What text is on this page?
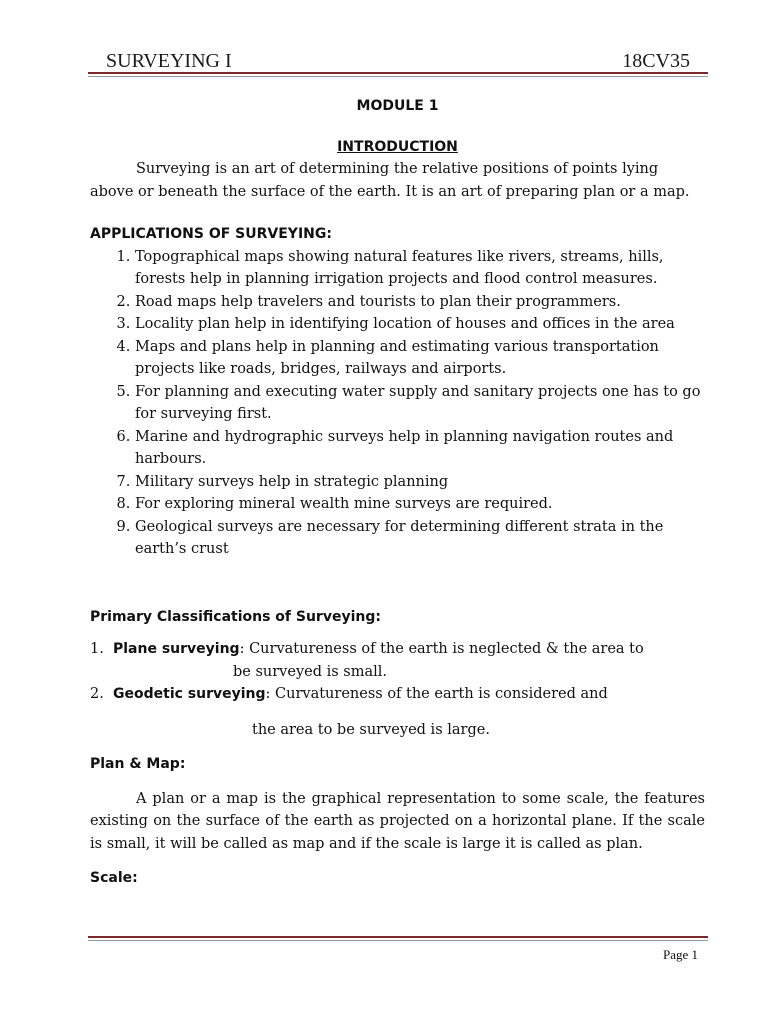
SURVEYING I	18CV35

MODULE 1

INTRODUCTION

Surveying is an art of determining the relative positions of points lying above or beneath the surface of the earth. It is an art of preparing plan or a map.

APPLICATIONS OF SURVEYING:

1. Topographical maps showing natural features like rivers, streams, hills, forests help in planning irrigation projects and flood control measures.
2. Road maps help travelers and tourists to plan their programmers.
3. Locality plan help in identifying location of houses and offices in the area
4. Maps and plans help in planning and estimating various transportation projects like roads, bridges, railways and airports.
5. For planning and executing water supply and sanitary projects one has to go for surveying first.
6. Marine and hydrographic surveys help in planning navigation routes and harbours.
7. Military surveys help in strategic planning
8. For exploring mineral wealth mine surveys are required.
9. Geological surveys are necessary for determining different strata in the earth’s crust

Primary Classifications of Surveying:

1. Plane surveying: Curvatureness of the earth is neglected & the area to
be surveyed is small.
2. Geodetic surveying: Curvatureness of the earth is considered and
the area to be surveyed is large.

Plan & Map:

A plan or a map is the graphical representation to some scale, the features existing on the surface of the earth as projected on a horizontal plane. If the scale is small, it will be called as map and if the scale is large it is called as plan.

Scale:

Page 1
